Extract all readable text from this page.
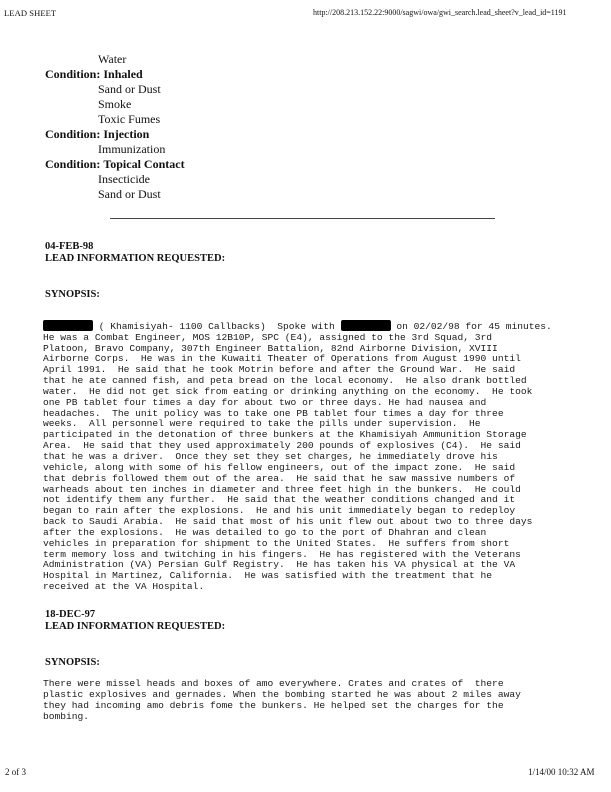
LEAD SHEET	http://208.213.152.22:9000/sagwi/owa/gwi_search.lead_sheet?v_lead_id=1191
Water
Condition: Inhaled
Sand or Dust
Smoke
Toxic Fumes
Condition: Injection
Immunization
Condition: Topical Contact
Insecticide
Sand or Dust
04-FEB-98
LEAD INFORMATION REQUESTED:
SYNOPSIS:

( Khamisiyah- 1100 Callbacks)  Spoke with	on 02/02/98 for 45 minutes.
He was a Combat Engineer, MOS 12B10P, SPC (E4), assigned to the 3rd Squad, 3rd
Platoon, Bravo Company, 307th Engineer Battalion, 82nd Airborne Division, XVIII
Airborne Corps.  He was in the Kuwaiti Theater of Operations from August 1990 until
April 1991.  He said that he took Motrin before and after the Ground War.  He said
that he ate canned fish, and peta bread on the local economy.  He also drank bottled
water.  He did not get sick from eating or drinking anything on the economy.  He took
one PB tablet four times a day for about two or three days. He had nausea and
headaches.  The unit policy was to take one PB tablet four times a day for three
weeks.  All personnel were required to take the pills under supervision.  He
participated in the detonation of three bunkers at the Khamisiyah Ammunition Storage
Area.  He said that they used approximately 200 pounds of explosives (C4).  He said
that he was a driver.  Once they set they set charges, he immediately drove his
vehicle, along with some of his fellow engineers, out of the impact zone.  He said
that debris followed them out of the area.  He said that he saw massive numbers of
warheads about ten inches in diameter and three feet high in the bunkers.  He could
not identify them any further.  He said that the weather conditions changed and it
began to rain after the explosions.  He and his unit immediately began to redeploy
back to Saudi Arabia.  He said that most of his unit flew out about two to three days
after the explosions.  He was detailed to go to the port of Dhahran and clean
vehicles in preparation for shipment to the United States.  He suffers from short
term memory loss and twitching in his fingers.  He has registered with the Veterans
Administration (VA) Persian Gulf Registry.  He has taken his VA physical at the VA
Hospital in Martinez, California.  He was satisfied with the treatment that he
received at the VA Hospital.

18-DEC-97
LEAD INFORMATION REQUESTED:
SYNOPSIS:
There were missel heads and boxes of amo everywhere. Crates and crates of  there
plastic explosives and gernades. When the bombing started he was about 2 miles away
they had incoming amo debris fome the bunkers. He helped set the charges for the
bombing.
2 of 3	1/14/00 10:32 AM
